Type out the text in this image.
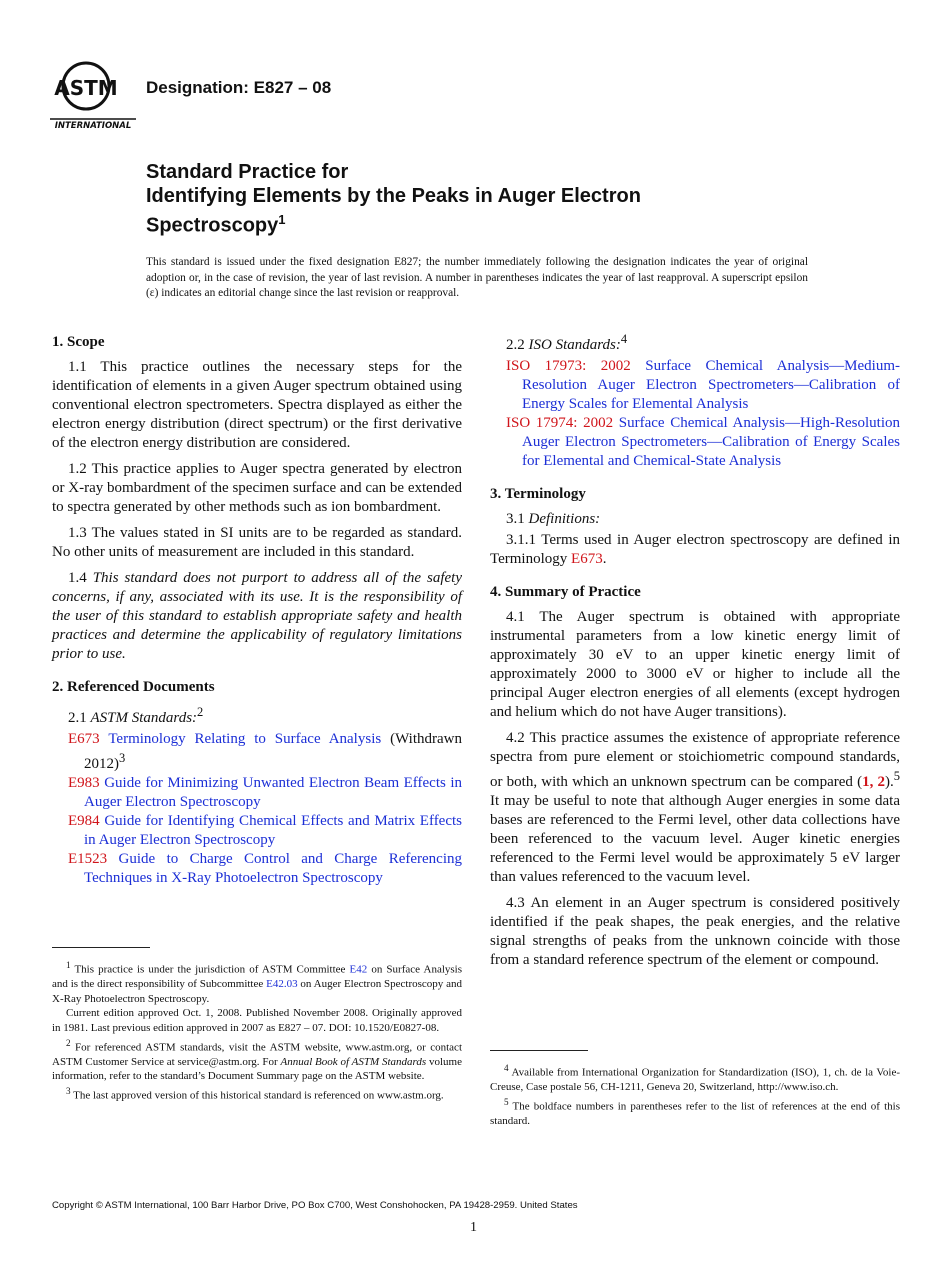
ASTM
INTERNATIONAL
Designation: E827 – 08
Standard Practice for
Identifying Elements by the Peaks in Auger Electron
Spectroscopy$^1$
This standard is issued under the fixed designation E827; the number immediately following the designation indicates the year of original adoption or, in the case of revision, the year of last revision. A number in parentheses indicates the year of last reapproval. A superscript epsilon (ε) indicates an editorial change since the last revision or reapproval.
1. Scope

1.1 This practice outlines the necessary steps for the identification of elements in a given Auger spectrum obtained using conventional electron spectrometers. Spectra displayed as either the electron energy distribution (direct spectrum) or the first derivative of the electron energy distribution are considered.

1.2 This practice applies to Auger spectra generated by electron or X-ray bombardment of the specimen surface and can be extended to spectra generated by other methods such as ion bombardment.

1.3 The values stated in SI units are to be regarded as standard. No other units of measurement are included in this standard.

1.4 This standard does not purport to address all of the safety concerns, if any, associated with its use. It is the responsibility of the user of this standard to establish appropriate safety and health practices and determine the applicability of regulatory limitations prior to use.

2. Referenced Documents
2.1 ASTM Standards:$^2$
E673 Terminology Relating to Surface Analysis (Withdrawn 2012)$^3$
E983 Guide for Minimizing Unwanted Electron Beam Effects in Auger Electron Spectroscopy
E984 Guide for Identifying Chemical Effects and Matrix Effects in Auger Electron Spectroscopy
E1523 Guide to Charge Control and Charge Referencing Techniques in X-Ray Photoelectron Spectroscopy

$^1$ This practice is under the jurisdiction of ASTM Committee E42 on Surface Analysis and is the direct responsibility of Subcommittee E42.03 on Auger Electron Spectroscopy and X-Ray Photoelectron Spectroscopy.

Current edition approved Oct. 1, 2008. Published November 2008. Originally approved in 1981. Last previous edition approved in 2007 as E827 – 07. DOI: 10.1520/E0827-08.

$^2$ For referenced ASTM standards, visit the ASTM website, www.astm.org, or contact ASTM Customer Service at service@astm.org. For Annual Book of ASTM Standards volume information, refer to the standard’s Document Summary page on the ASTM website.

$^3$ The last approved version of this historical standard is referenced on www.astm.org.

2.2 ISO Standards:$^4$
ISO 17973: 2002 Surface Chemical Analysis—Medium-Resolution Auger Electron Spectrometers—Calibration of Energy Scales for Elemental Analysis
ISO 17974: 2002 Surface Chemical Analysis—High-Resolution Auger Electron Spectrometers—Calibration of Energy Scales for Elemental and Chemical-State Analysis
3. Terminology
3.1 Definitions:

3.1.1 Terms used in Auger electron spectroscopy are defined in Terminology E673.

4. Summary of Practice

4.1 The Auger spectrum is obtained with appropriate instrumental parameters from a low kinetic energy limit of approximately 30 eV to an upper kinetic energy limit of approximately 2000 to 3000 eV or higher to include all the principal Auger electron energies of all elements (except hydrogen and helium which do not have Auger transitions).

4.2 This practice assumes the existence of appropriate reference spectra from pure element or stoichiometric compound standards, or both, with which an unknown spectrum can be compared (1, 2).$^5$ It may be useful to note that although Auger energies in some data bases are referenced to the Fermi level, other data collections have been referenced to the vacuum level. Auger kinetic energies referenced to the Fermi level would be approximately 5 eV larger than values referenced to the vacuum level.

4.3 An element in an Auger spectrum is considered positively identified if the peak shapes, the peak energies, and the relative signal strengths of peaks from the unknown coincide with those from a standard reference spectrum of the element or compound.

$^4$ Available from International Organization for Standardization (ISO), 1, ch. de la Voie-Creuse, Case postale 56, CH-1211, Geneva 20, Switzerland, http://www.iso.ch.

$^5$ The boldface numbers in parentheses refer to the list of references at the end of this standard.

Copyright © ASTM International, 100 Barr Harbor Drive, PO Box C700, West Conshohocken, PA 19428-2959. United States
1
